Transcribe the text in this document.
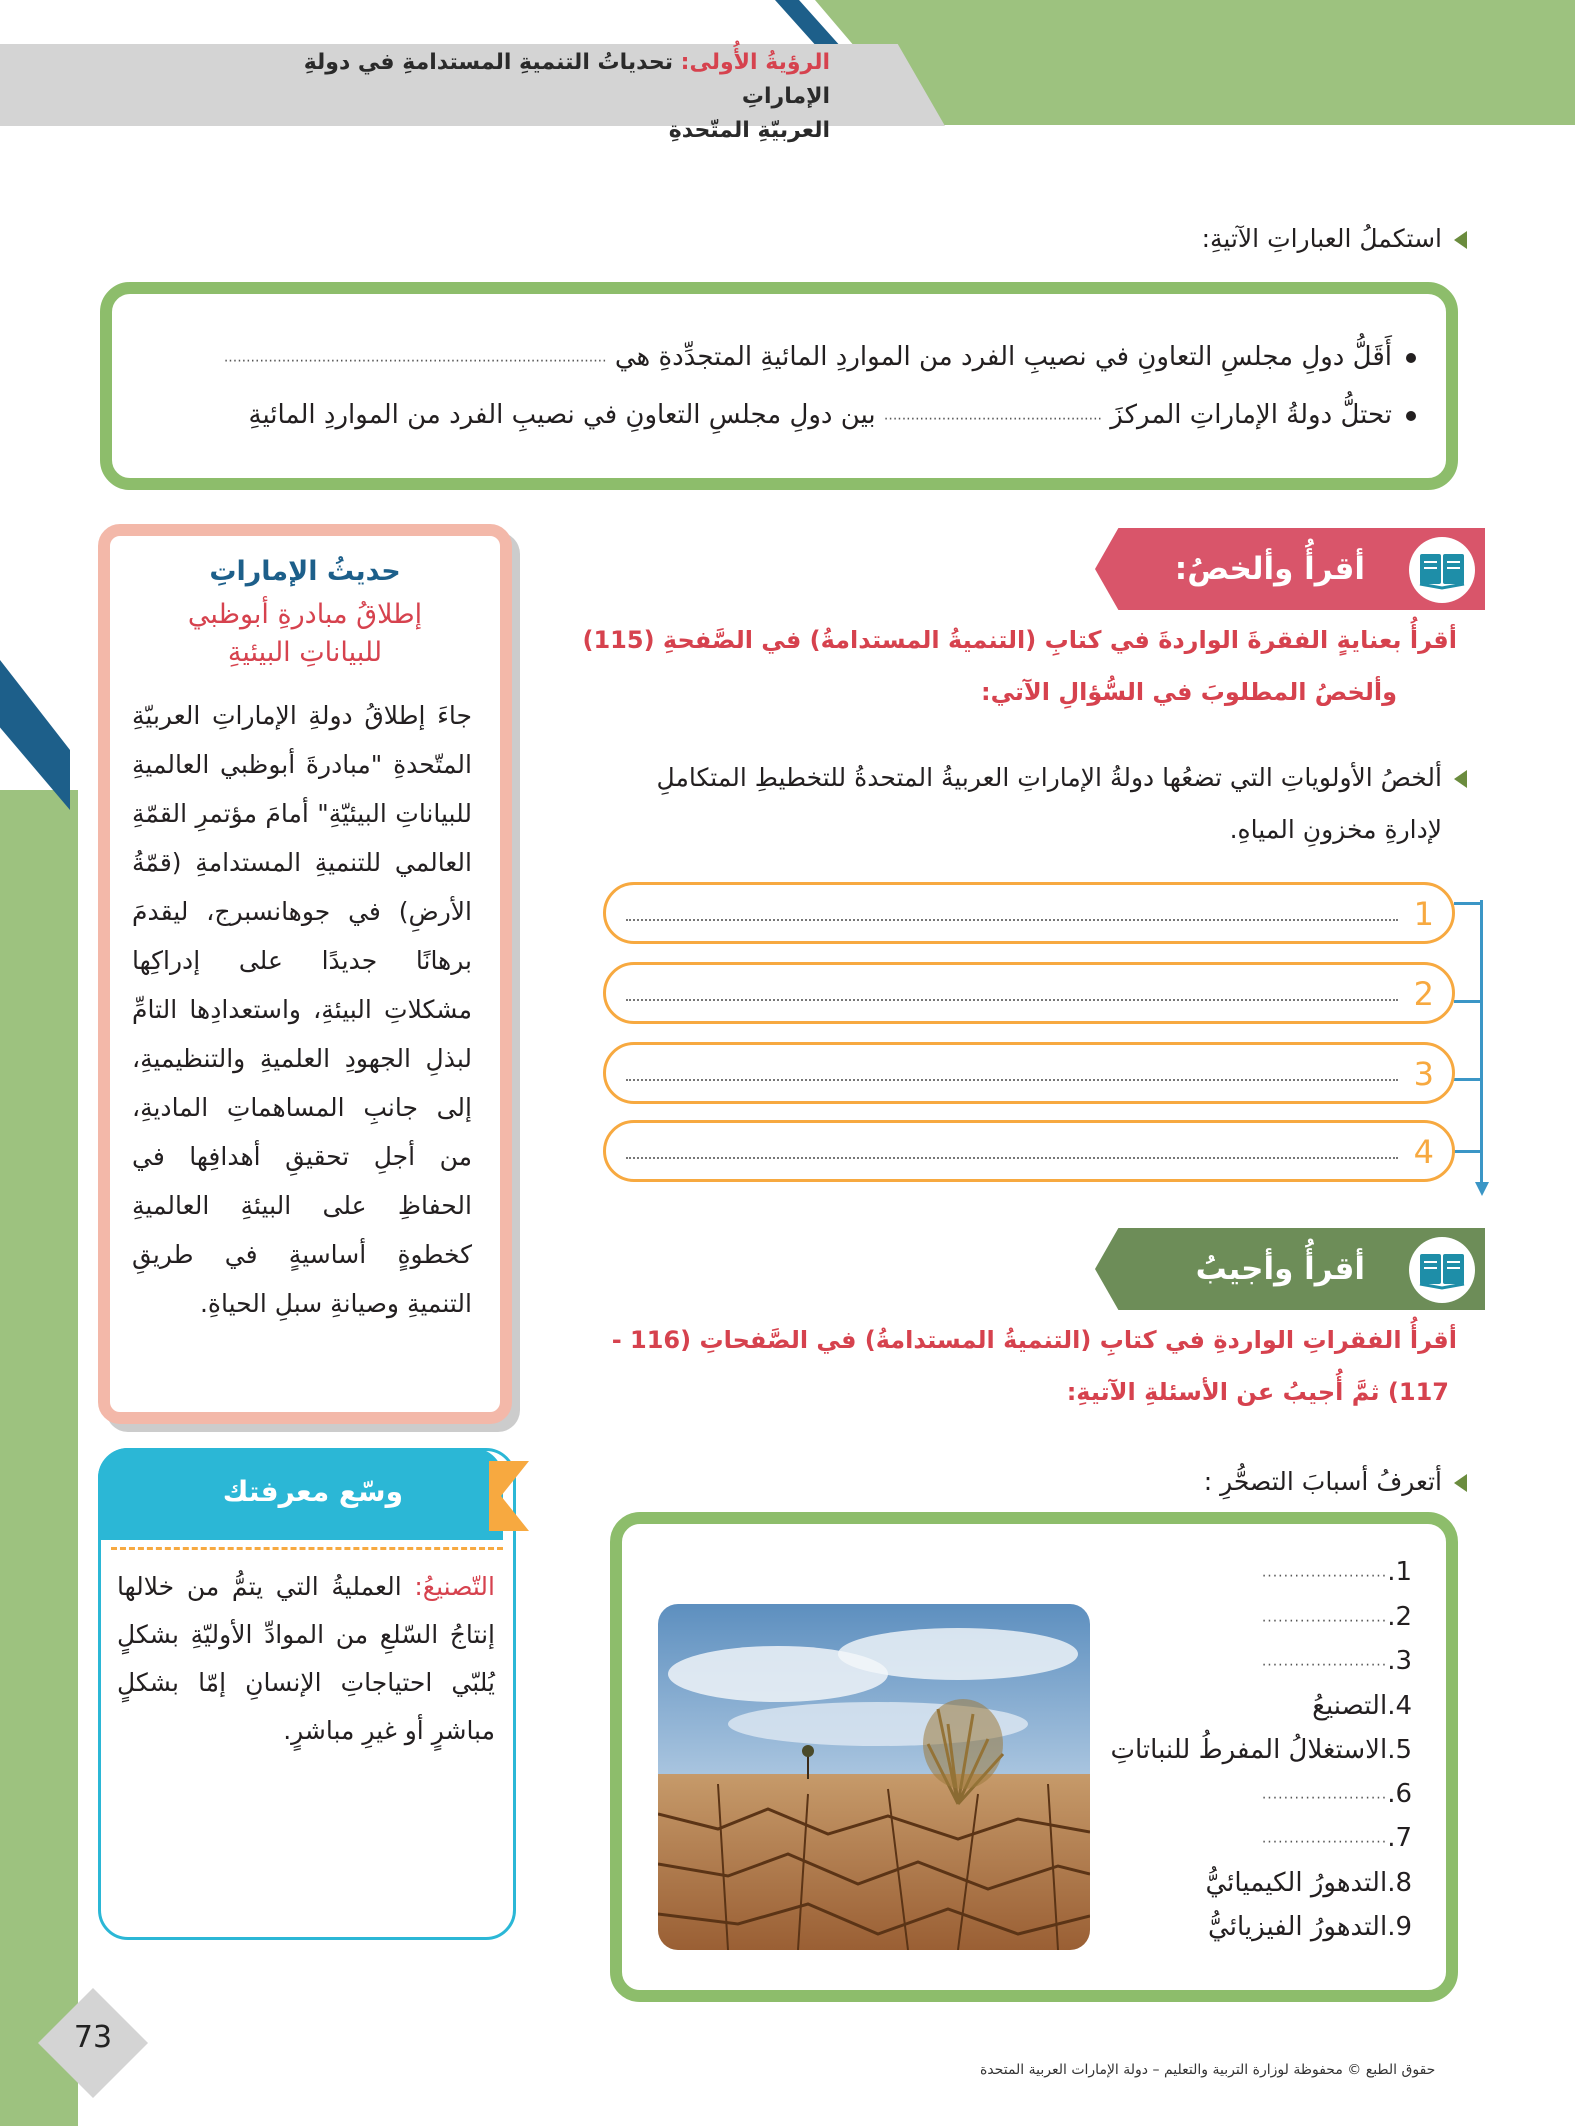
الرؤيةُ الأُولى: تحدياتُ التنميةِ المستدامةِ في دولةِ الإماراتِ
العربيّةِ المتّحدةِ
استكملُ العباراتِ الآتيةِ:
أَقَلُّ دولِ مجلسِ التعاونِ في نصيبِ الفرد من المواردِ المائيةِ المتجدِّدةِ هي ......................................................................................
تحتلُّ دولةُ الإماراتِ المركزَ ................................................. بين دولِ مجلسِ التعاونِ في نصيبِ الفرد من المواردِ المائيةِ
أقرأُ وألخصُ:
أقرأُ بعنايةٍ الفقرةَ الواردةَ في كتابِ (التنميةُ المستدامةُ) في الصَّفحةِ (115)
وألخصُ المطلوبَ في السُّؤالِ الآتي:
ألخصُ الأولوياتِ التي تضعُها دولةُ الإماراتِ العربيةُ المتحدةُ للتخطيطِ المتكاملِ
لإدارةِ مخزونِ المياهِ.
1
2
3
4
أقرأُ وأجيبُ
أقرأُ الفقراتِ الواردةِ في كتابِ (التنميةُ المستدامةُ) في الصَّفحاتِ (116 -
117) ثمَّ أُجيبُ عن الأسئلةِ الآتيةِ:
أتعرفُ أسبابَ التصحُّرِ :
1........................
2........................
3........................
4.التصنيعُ
5.الاستغلالُ المفرطُ للنباتاتِ
6........................
7........................
8.التدهورُ الكيميائيُّ
9.التدهورُ الفيزيائيُّ
حديثُ الإماراتِ
إطلاقُ مبادرةِ أبوظبي
للبياناتِ البيئيةِ
جاءَ إطلاقُ دولةِ الإماراتِ العربيّةِ المتّحدةِ "مبادرةَ أبوظبي العالميةِ للبياناتِ البيئيّةِ" أمامَ مؤتمرِ القمّةِ العالمي للتنميةِ المستدامةِ (قمّةُ الأرضِ) في جوهانسبرج، ليقدمَ برهانًا جديدًا على إدراكِها مشكلاتِ البيئةِ، واستعدادِها التامِّ لبذلِ الجهودِ العلميةِ والتنظيميةِ، إلى جانبِ المساهماتِ الماديةِ، من أجلِ تحقيقِ أهدافِها في الحفاظِ على البيئةِ العالميةِ كخطوةٍ أساسيةٍ في طريقِ التنميةِ وصيانةِ سبلِ الحياةِ.
وسّع معرفتك
التّصنيعُ: العمليةُ التي يتمُّ من خلالها إنتاجُ السّلعِ من الموادِّ الأوليّةِ بشكلٍ يُلبّي احتياجاتِ الإنسانِ إمّا بشكلٍ مباشرٍ أو غيرِ مباشرٍ.
73
حقوق الطبع © محفوظة لوزارة التربية والتعليم – دولة الإمارات العربية المتحدة
